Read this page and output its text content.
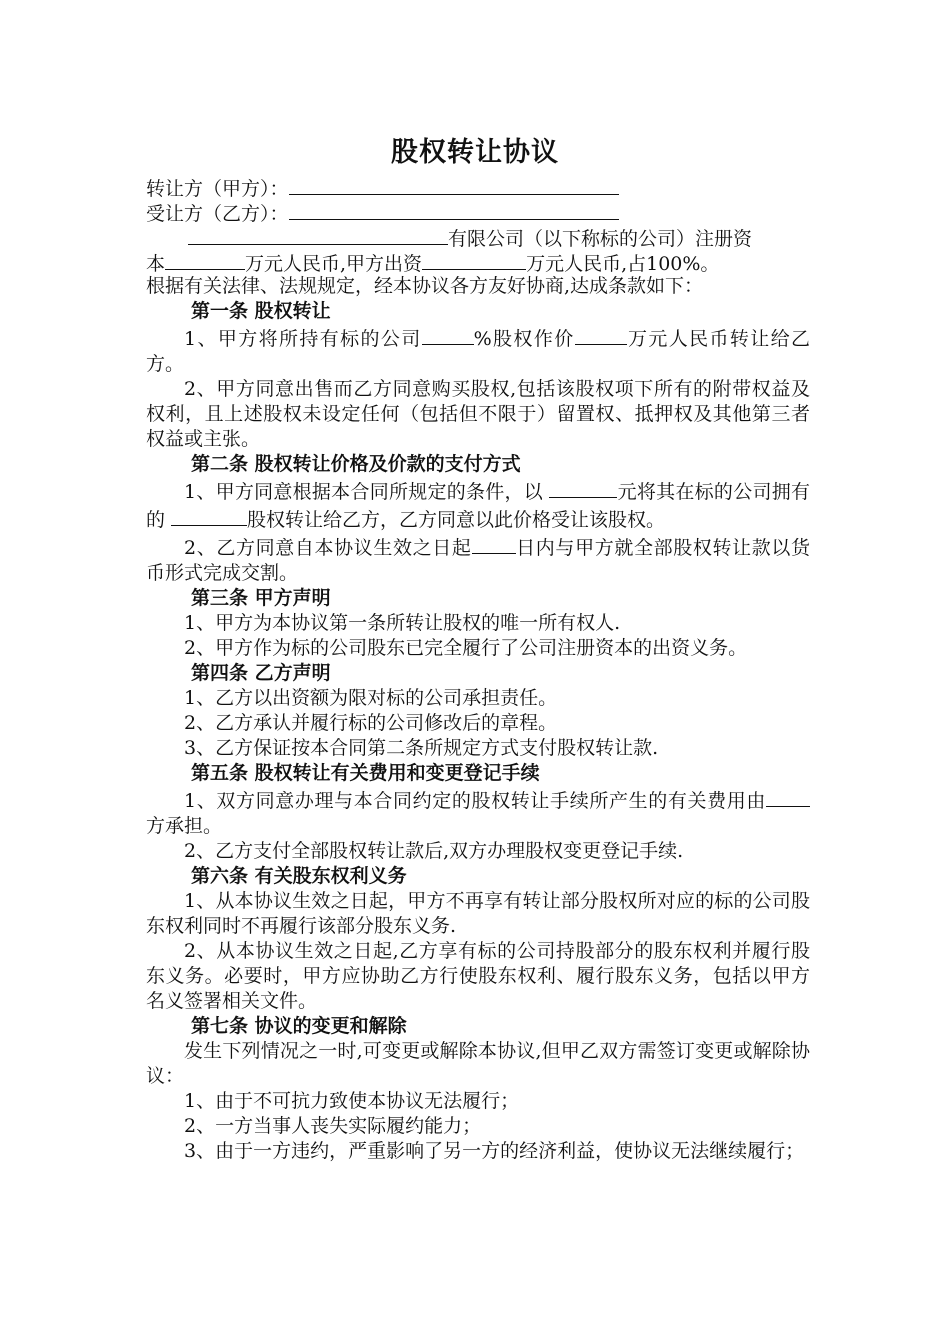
股权转让协议
转让方（甲方）：
受让方（乙方）：
有限公司（以下称标的公司）注册资
本	万元人民币,甲方出资	万元人民币,占100%。
根据有关法律、法规规定，经本协议各方友好协商,达成条款如下：
第一条 股权转让
1、甲方将所持有标的公司	%股权作价	万元人民币转让给乙方。
2、甲方同意出售而乙方同意购买股权,包括该股权项下所有的附带权益及权利，且上述股权未设定任何（包括但不限于）留置权、抵押权及其他第三者权益或主张。
第二条 股权转让价格及价款的支付方式
1、甲方同意根据本合同所规定的条件，以	元将其在标的公司拥有的	股权转让给乙方，乙方同意以此价格受让该股权。
2、乙方同意自本协议生效之日起 日内与甲方就全部股权转让款以货币形式完成交割。
第三条 甲方声明
1、甲方为本协议第一条所转让股权的唯一所有权人.
2、甲方作为标的公司股东已完全履行了公司注册资本的出资义务。
第四条 乙方声明
1、乙方以出资额为限对标的公司承担责任。
2、乙方承认并履行标的公司修改后的章程。
3、乙方保证按本合同第二条所规定方式支付股权转让款.
第五条 股权转让有关费用和变更登记手续
1、双方同意办理与本合同约定的股权转让手续所产生的有关费用由方承担。
2、乙方支付全部股权转让款后,双方办理股权变更登记手续.
第六条 有关股东权利义务
1、从本协议生效之日起，甲方不再享有转让部分股权所对应的标的公司股东权利同时不再履行该部分股东义务.
2、从本协议生效之日起,乙方享有标的公司持股部分的股东权利并履行股东义务。必要时，甲方应协助乙方行使股东权利、履行股东义务，包括以甲方名义签署相关文件。
第七条 协议的变更和解除
发生下列情况之一时,可变更或解除本协议,但甲乙双方需签订变更或解除协议：
1、由于不可抗力致使本协议无法履行；
2、一方当事人丧失实际履约能力；
3、由于一方违约，严重影响了另一方的经济利益，使协议无法继续履行；
